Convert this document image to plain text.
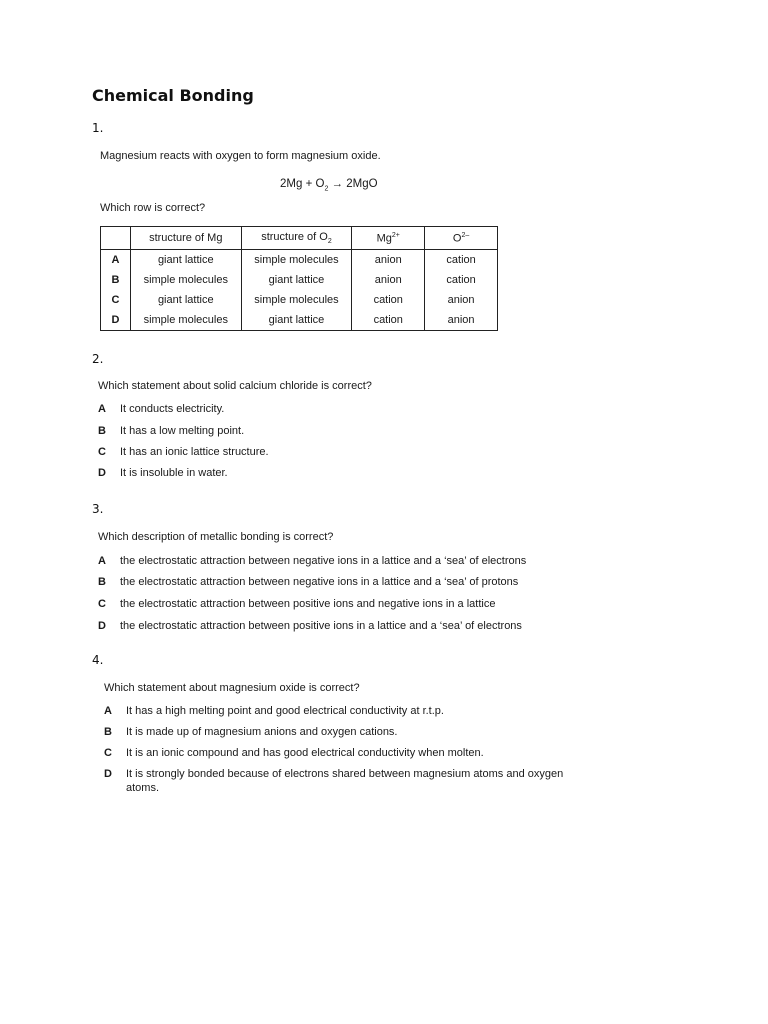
Chemical Bonding
1.
Magnesium reacts with oxygen to form magnesium oxide.
$2Mg + O_2 \to 2MgO$
Which row is correct?
	structure of Mg	structure of $O_2$	$Mg^{2+}$	$O^{2-}$
A	giant lattice	simple molecules	anion	cation
B	simple molecules	giant lattice	anion	cation
C	giant lattice	simple molecules	cation	anion
D	simple molecules	giant lattice	cation	anion
2.
Which statement about solid calcium chloride is correct?
A It conducts electricity.
B It has a low melting point.
C It has an ionic lattice structure.
D It is insoluble in water.
3.
Which description of metallic bonding is correct?
A the electrostatic attraction between negative ions in a lattice and a ‘sea’ of electrons
B the electrostatic attraction between negative ions in a lattice and a ‘sea’ of protons
C the electrostatic attraction between positive ions and negative ions in a lattice
D the electrostatic attraction between positive ions in a lattice and a ‘sea’ of electrons
4.
Which statement about magnesium oxide is correct?
A It has a high melting point and good electrical conductivity at r.t.p.
B It is made up of magnesium anions and oxygen cations.
C It is an ionic compound and has good electrical conductivity when molten.
D It is strongly bonded because of electrons shared between magnesium atoms and oxygen
atoms.
